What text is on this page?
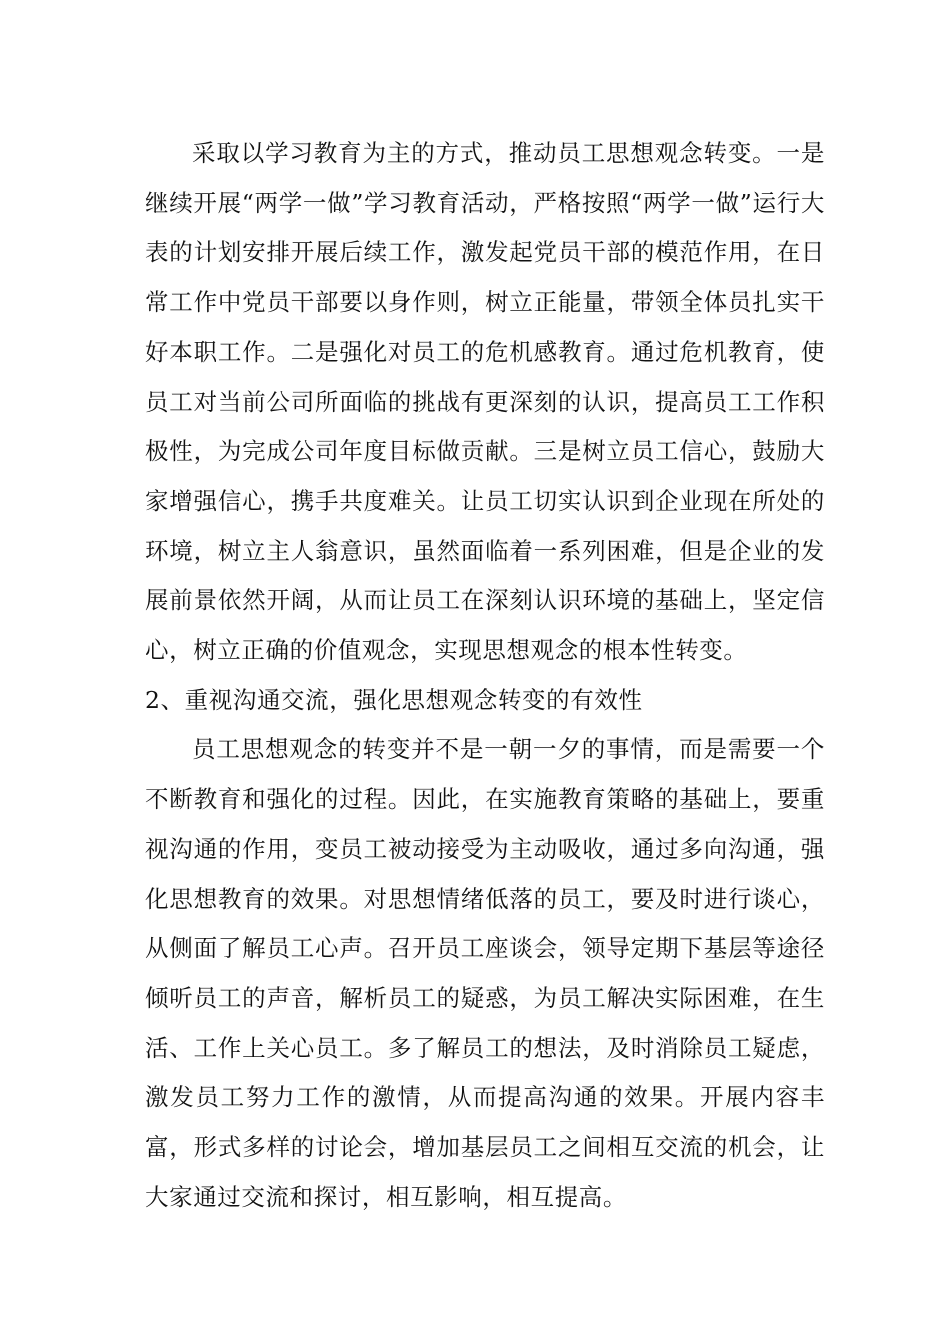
采取以学习教育为主的方式，推动员工思想观念转变。一是继续开展“两学一做”学习教育活动，严格按照“两学一做”运行大表的计划安排开展后续工作，激发起党员干部的模范作用，在日常工作中党员干部要以身作则，树立正能量，带领全体员扎实干好本职工作。二是强化对员工的危机感教育。通过危机教育，使员工对当前公司所面临的挑战有更深刻的认识，提高员工工作积极性，为完成公司年度目标做贡献。三是树立员工信心，鼓励大家增强信心，携手共度难关。让员工切实认识到企业现在所处的环境，树立主人翁意识，虽然面临着一系列困难，但是企业的发展前景依然开阔，从而让员工在深刻认识环境的基础上，坚定信心，树立正确的价值观念，实现思想观念的根本性转变。

2、重视沟通交流，强化思想观念转变的有效性

员工思想观念的转变并不是一朝一夕的事情，而是需要一个不断教育和强化的过程。因此，在实施教育策略的基础上，要重视沟通的作用，变员工被动接受为主动吸收，通过多向沟通，强化思想教育的效果。对思想情绪低落的员工，要及时进行谈心，从侧面了解员工心声。召开员工座谈会，领导定期下基层等途径倾听员工的声音，解析员工的疑惑，为员工解决实际困难，在生活、工作上关心员工。多了解员工的想法，及时消除员工疑虑，激发员工努力工作的激情，从而提高沟通的效果。开展内容丰富，形式多样的讨论会，增加基层员工之间相互交流的机会，让大家通过交流和探讨，相互影响，相互提高。
